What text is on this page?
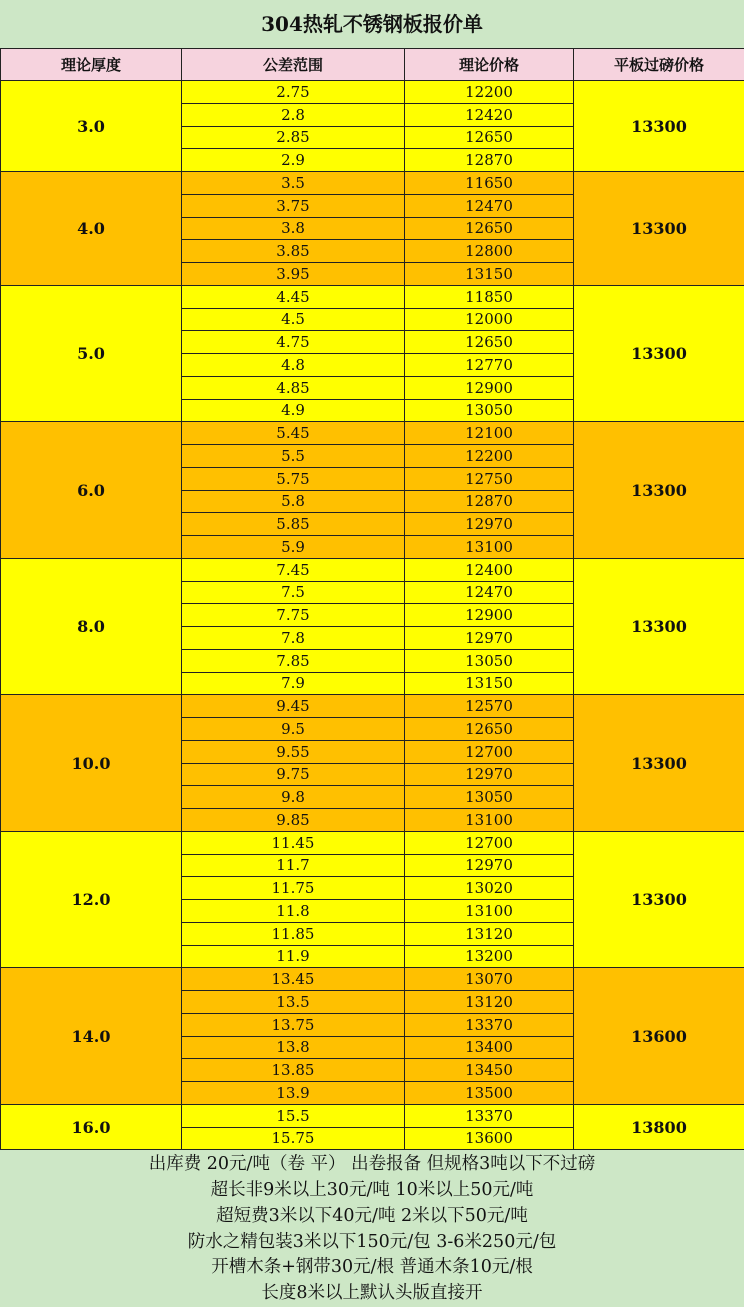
304热轧不锈钢板报价单
理论厚度	公差范围	理论价格	平板过磅价格
3.0	2.75	12200	13300
	2.8	12420	
	2.85	12650	
	2.9	12870	
4.0	3.5	11650	13300
	3.75	12470	
	3.8	12650	
	3.85	12800	
	3.95	13150	
5.0	4.45	11850	13300
	4.5	12000	
	4.75	12650	
	4.8	12770	
	4.85	12900	
	4.9	13050	
6.0	5.45	12100	13300
	5.5	12200	
	5.75	12750	
	5.8	12870	
	5.85	12970	
	5.9	13100	
8.0	7.45	12400	13300
	7.5	12470	
	7.75	12900	
	7.8	12970	
	7.85	13050	
	7.9	13150	
10.0	9.45	12570	13300
	9.5	12650	
	9.55	12700	
	9.75	12970	
	9.8	13050	
	9.85	13100	
12.0	11.45	12700	13300
	11.7	12970	
	11.75	13020	
	11.8	13100	
	11.85	13120	
	11.9	13200	
14.0	13.45	13070	13600
	13.5	13120	
	13.75	13370	
	13.8	13400	
	13.85	13450	
	13.9	13500	
16.0	15.5	13370	13800
	15.75	13600	
出库费 20元/吨（卷 平） 出卷报备 但规格3吨以下不过磅
超长非9米以上30元/吨 10米以上50元/吨
超短费3米以下40元/吨 2米以下50元/吨
防水之精包装3米以下150元/包 3-6米250元/包
开槽木条+钢带30元/根 普通木条10元/根
长度8米以上默认头版直接开
